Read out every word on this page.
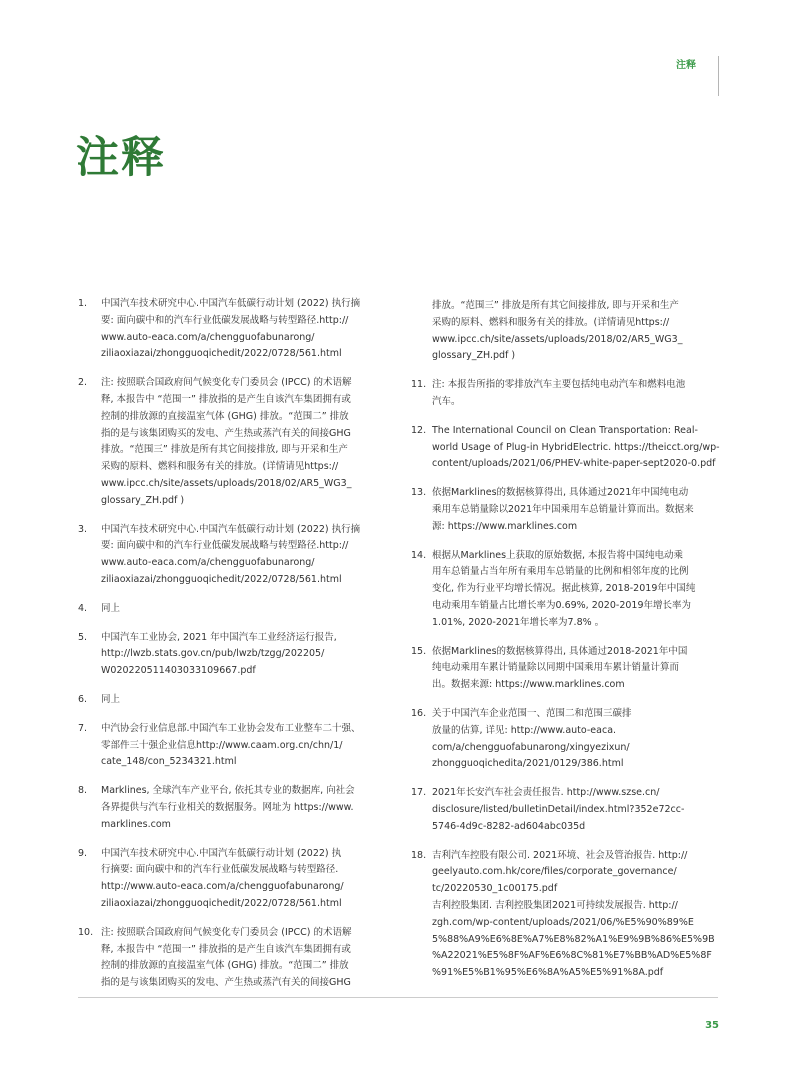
注释
注释
1.	中国汽车技术研究中心.中国汽车低碳行动计划 (2022) 执行摘
要: 面向碳中和的汽车行业低碳发展战略与转型路径.http://
www.auto-eaca.com/a/chengguofabunarong/
ziliaoxiazai/zhongguoqichedit/2022/0728/561.html
2.	注: 按照联合国政府间气候变化专门委员会 (IPCC) 的术语解
释, 本报告中 “范围一” 排放指的是产生自该汽车集团拥有或
控制的排放源的直接温室气体 (GHG) 排放。“范围二” 排放
指的是与该集团购买的发电、产生热或蒸汽有关的间接GHG
排放。“范围三” 排放是所有其它间接排放, 即与开采和生产
采购的原料、燃料和服务有关的排放。(详情请见https://
www.ipcc.ch/site/assets/uploads/2018/02/AR5_WG3_
glossary_ZH.pdf )
3.	中国汽车技术研究中心.中国汽车低碳行动计划 (2022) 执行摘
要: 面向碳中和的汽车行业低碳发展战略与转型路径.http://
www.auto-eaca.com/a/chengguofabunarong/
ziliaoxiazai/zhongguoqichedit/2022/0728/561.html
4.	同上
5.	中国汽车工业协会, 2021 年中国汽车工业经济运行报告,
http://lwzb.stats.gov.cn/pub/lwzb/tzgg/202205/
W020220511403033109667.pdf
6.	同上
7.	中汽协会行业信息部.中国汽车工业协会发布工业整车二十强、
零部件三十强企业信息http://www.caam.org.cn/chn/1/
cate_148/con_5234321.html
8.	Marklines, 全球汽车产业平台, 依托其专业的数据库, 向社会
各界提供与汽车行业相关的数据服务。网址为 https://www.
marklines.com
9.	中国汽车技术研究中心.中国汽车低碳行动计划 (2022) 执
行摘要: 面向碳中和的汽车行业低碳发展战略与转型路径.
http://www.auto-eaca.com/a/chengguofabunarong/
ziliaoxiazai/zhongguoqichedit/2022/0728/561.html
10. 注: 按照联合国政府间气候变化专门委员会 (IPCC) 的术语解
释, 本报告中 “范围一” 排放指的是产生自该汽车集团拥有或
控制的排放源的直接温室气体 (GHG) 排放。“范围二” 排放
指的是与该集团购买的发电、产生热或蒸汽有关的间接GHG
排放。“范围三” 排放是所有其它间接排放, 即与开采和生产
采购的原料、燃料和服务有关的排放。(详情请见https://
www.ipcc.ch/site/assets/uploads/2018/02/AR5_WG3_
glossary_ZH.pdf )
11. 注: 本报告所指的零排放汽车主要包括纯电动汽车和燃料电池
汽车。
12. The International Council on Clean Transportation: Real-
world Usage of Plug-in HybridElectric. https://theicct.org/wp-
content/uploads/2021/06/PHEV-white-paper-sept2020-0.pdf
13. 依据Marklines的数据核算得出, 具体通过2021年中国纯电动
乘用车总销量除以2021年中国乘用车总销量计算而出。数据来
源: https://www.marklines.com
14. 根据从Marklines上获取的原始数据, 本报告将中国纯电动乘
用车总销量占当年所有乘用车总销量的比例和相邻年度的比例
变化, 作为行业平均增长情况。据此核算, 2018-2019年中国纯
电动乘用车销量占比增长率为0.69%, 2020-2019年增长率为
1.01%, 2020-2021年增长率为7.8% 。
15. 依据Marklines的数据核算得出, 具体通过2018-2021年中国
纯电动乘用车累计销量除以同期中国乘用车累计销量计算而
出。数据来源: https://www.marklines.com
16. 关于中国汽车企业范围一、范围二和范围三碳排
放量的估算, 详见: http://www.auto-eaca.
com/a/chengguofabunarong/xingyezixun/
zhongguoqichedita/2021/0129/386.html
17. 2021年长安汽车社会责任报告. http://www.szse.cn/
disclosure/listed/bulletinDetail/index.html?352e72cc-
5746-4d9c-8282-ad604abc035d
18. 吉利汽车控股有限公司. 2021环境、社会及管治报告. http://
geelyauto.com.hk/core/files/corporate_governance/
tc/20220530_1c00175.pdf
吉利控股集团. 吉利控股集团2021可持续发展报告. http://
zgh.com/wp-content/uploads/2021/06/%E5%90%89%E
5%88%A9%E6%8E%A7%E8%82%A1%E9%9B%86%E5%9B
%A22021%E5%8F%AF%E6%8C%81%E7%BB%AD%E5%8F
%91%E5%B1%95%E6%8A%A5%E5%91%8A.pdf
35
